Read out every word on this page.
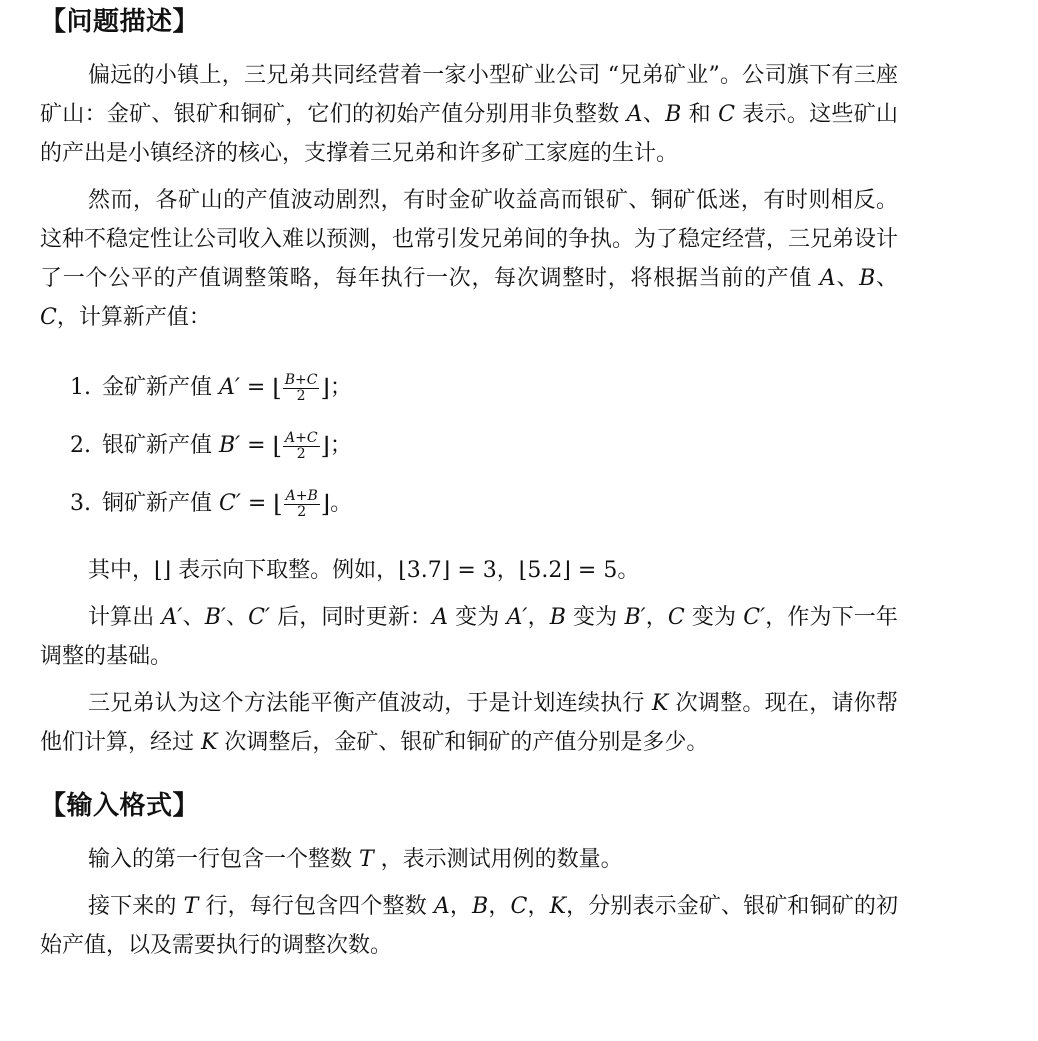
【问题描述】

偏远的小镇上，三兄弟共同经营着一家小型矿业公司 “兄弟矿业”。公司旗下有三座矿山：金矿、银矿和铜矿，它们的初始产值分别用非负整数 A、B 和 C 表示。这些矿山的产出是小镇经济的核心，支撑着三兄弟和许多矿工家庭的生计。

然而，各矿山的产值波动剧烈，有时金矿收益高而银矿、铜矿低迷，有时则相反。这种不稳定性让公司收入难以预测，也常引发兄弟间的争执。为了稳定经营，三兄弟设计了一个公平的产值调整策略，每年执行一次，每次调整时，将根据当前的产值 A、B、C，计算新产值：

1. 金矿新产值
A′ = ⌊ $\frac{B+C}{2}$ ⌋ ；
2. 银矿新产值
B′ = ⌊ $\frac{A+C}{2}$ ⌋ ；
3. 铜矿新产值
C′ = ⌊ $\frac{A+B}{2}$ ⌋ 。

其中，⌊⌋ 表示向下取整。例如，⌊3.7⌋ = 3，⌊5.2⌋ = 5。

计算出 A′、B′、C′ 后，同时更新：A 变为 A′，B 变为 B′，C 变为 C′，作为下一年调整的基础。

三兄弟认为这个方法能平衡产值波动，于是计划连续执行 K 次调整。现在，请你帮他们计算，经过 K 次调整后，金矿、银矿和铜矿的产值分别是多少。

【输入格式】

输入的第一行包含一个整数 T ，表示测试用例的数量。

接下来的 T 行，每行包含四个整数 A，B，C，K，分别表示金矿、银矿和铜矿的初始产值，以及需要执行的调整次数。
